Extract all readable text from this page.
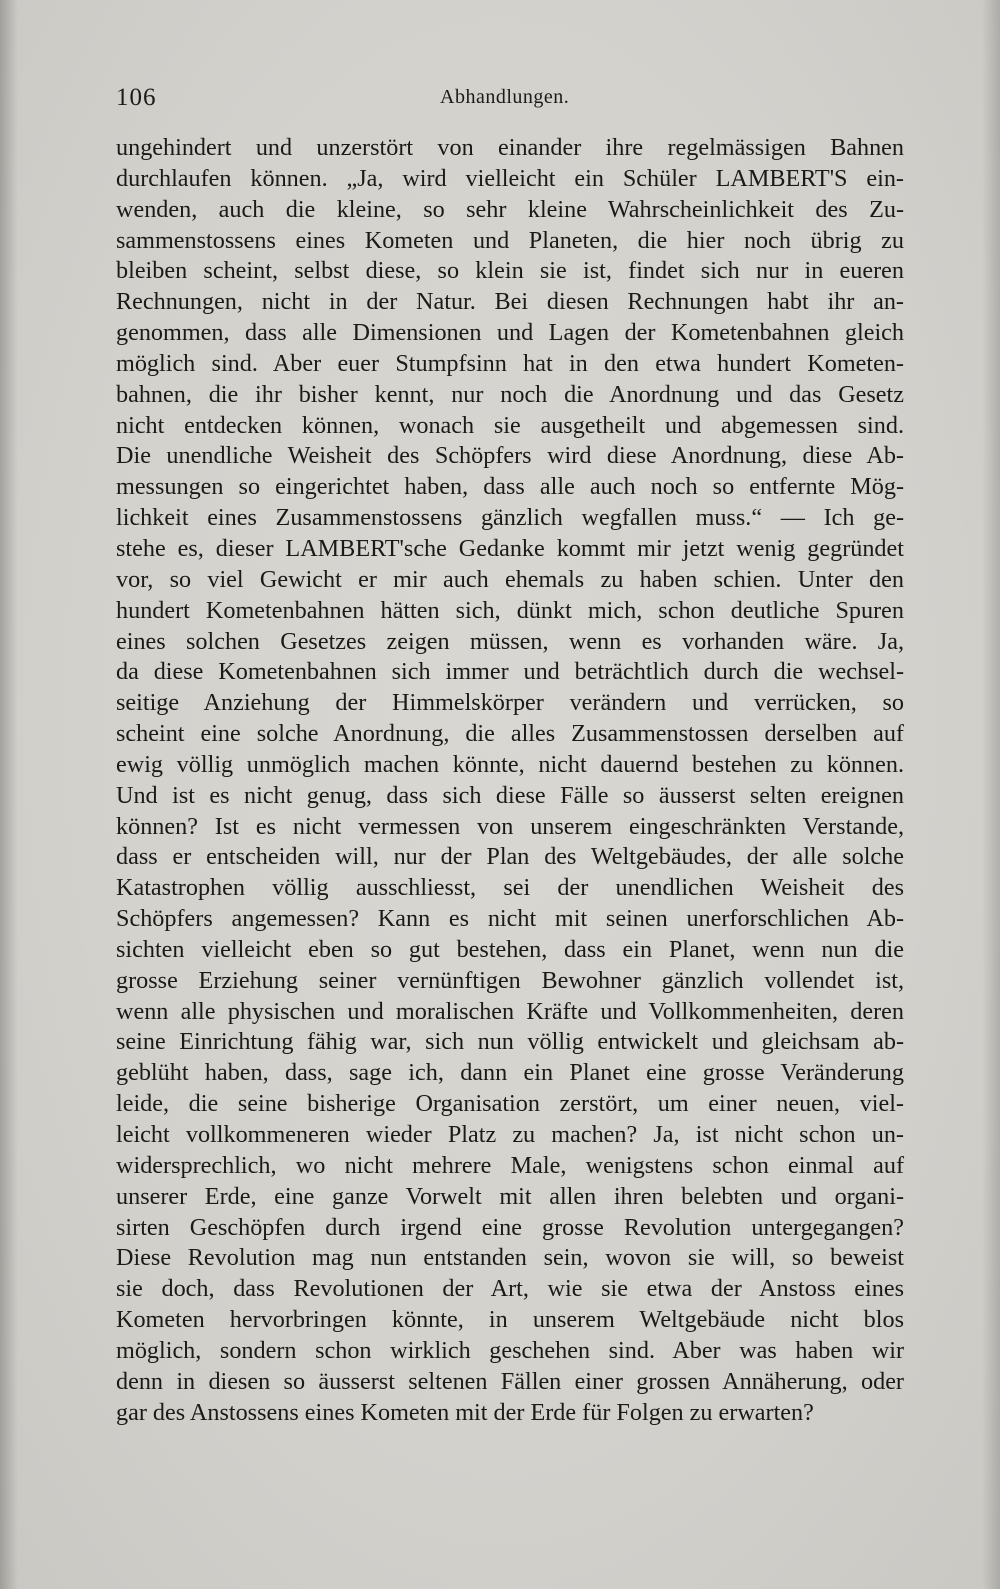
106	Abhandlungen.
ungehindert und unzerstört von einander ihre regelmässigen Bahnen
durchlaufen können. „Ja, wird vielleicht ein Schüler LAMBERT'S ein-
wenden, auch die kleine, so sehr kleine Wahrscheinlichkeit des Zu-
sammenstossens eines Kometen und Planeten, die hier noch übrig zu
bleiben scheint, selbst diese, so klein sie ist, findet sich nur in eueren
Rechnungen, nicht in der Natur. Bei diesen Rechnungen habt ihr an-
genommen, dass alle Dimensionen und Lagen der Kometenbahnen gleich
möglich sind. Aber euer Stumpfsinn hat in den etwa hundert Kometen-
bahnen, die ihr bisher kennt, nur noch die Anordnung und das Gesetz
nicht entdecken können, wonach sie ausgetheilt und abgemessen sind.
Die unendliche Weisheit des Schöpfers wird diese Anordnung, diese Ab-
messungen so eingerichtet haben, dass alle auch noch so entfernte Mög-
lichkeit eines Zusammenstossens gänzlich wegfallen muss.“ — Ich ge-
stehe es, dieser LAMBERT'sche Gedanke kommt mir jetzt wenig gegründet
vor, so viel Gewicht er mir auch ehemals zu haben schien. Unter den
hundert Kometenbahnen hätten sich, dünkt mich, schon deutliche Spuren
eines solchen Gesetzes zeigen müssen, wenn es vorhanden wäre. Ja,
da diese Kometenbahnen sich immer und beträchtlich durch die wechsel-
seitige Anziehung der Himmelskörper verändern und verrücken, so
scheint eine solche Anordnung, die alles Zusammenstossen derselben auf
ewig völlig unmöglich machen könnte, nicht dauernd bestehen zu können.
Und ist es nicht genug, dass sich diese Fälle so äusserst selten ereignen
können? Ist es nicht vermessen von unserem eingeschränkten Verstande,
dass er entscheiden will, nur der Plan des Weltgebäudes, der alle solche
Katastrophen völlig ausschliesst, sei der unendlichen Weisheit des
Schöpfers angemessen? Kann es nicht mit seinen unerforschlichen Ab-
sichten vielleicht eben so gut bestehen, dass ein Planet, wenn nun die
grosse Erziehung seiner vernünftigen Bewohner gänzlich vollendet ist,
wenn alle physischen und moralischen Kräfte und Vollkommenheiten, deren
seine Einrichtung fähig war, sich nun völlig entwickelt und gleichsam ab-
geblüht haben, dass, sage ich, dann ein Planet eine grosse Veränderung
leide, die seine bisherige Organisation zerstört, um einer neuen, viel-
leicht vollkommeneren wieder Platz zu machen? Ja, ist nicht schon un-
widersprechlich, wo nicht mehrere Male, wenigstens schon einmal auf
unserer Erde, eine ganze Vorwelt mit allen ihren belebten und organi-
sirten Geschöpfen durch irgend eine grosse Revolution untergegangen?
Diese Revolution mag nun entstanden sein, wovon sie will, so beweist
sie doch, dass Revolutionen der Art, wie sie etwa der Anstoss eines
Kometen hervorbringen könnte, in unserem Weltgebäude nicht blos
möglich, sondern schon wirklich geschehen sind. Aber was haben wir
denn in diesen so äusserst seltenen Fällen einer grossen Annäherung, oder
gar des Anstossens eines Kometen mit der Erde für Folgen zu erwarten?
